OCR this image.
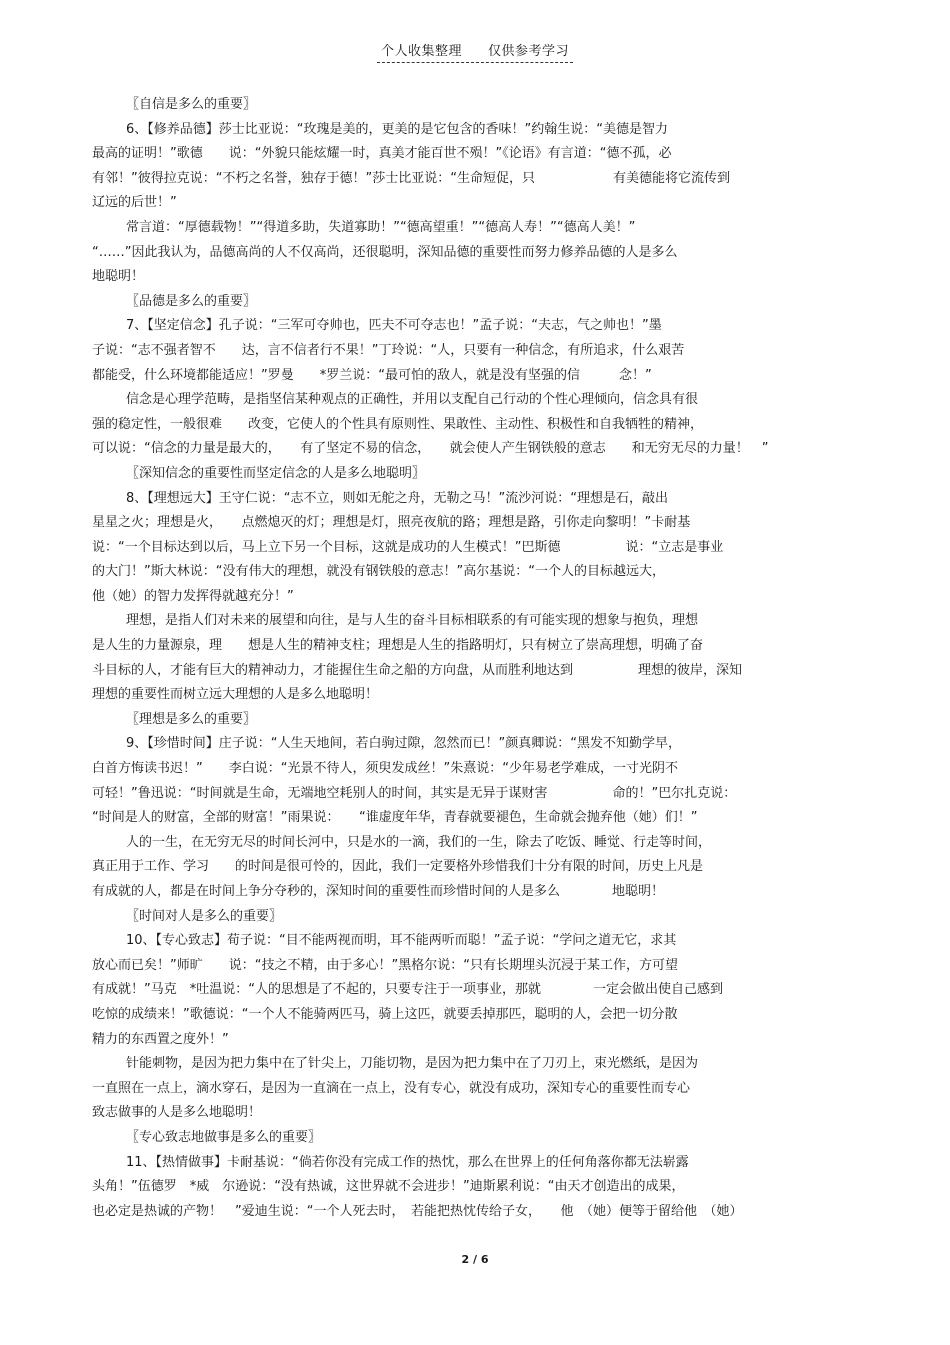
个人收集整理 仅供参考学习
〖自信是多么的重要〗
6、【修养品德】莎士比亚说：“玫瑰是美的，更美的是它包含的香味！”约翰生说：“美德是智力
最高的证明！”歌德　　说：“外貌只能炫耀一时，真美才能百世不殒！”《论语》有言道：“德不孤，必
有邻！”彼得拉克说：“不朽之名誉，独存于德！”莎士比亚说：“生命短促，只　　　　　　有美德能将它流传到
辽远的后世！”
常言道：“厚德载物！”“得道多助，失道寡助！”“德高望重！”“德高人寿！”“德高人美！”
“……”因此我认为，品德高尚的人不仅高尚，还很聪明，深知品德的重要性而努力修养品德的人是多么
地聪明！
〖品德是多么的重要〗
7、【坚定信念】孔子说：“三军可夺帅也，匹夫不可夺志也！”孟子说：“夫志，气之帅也！”墨
子说：“志不强者智不　　达，言不信者行不果！”丁玲说：“人，只要有一种信念，有所追求，什么艰苦
都能受，什么环境都能适应！”罗曼　　*罗兰说：“最可怕的敌人，就是没有坚强的信　　　念！”
信念是心理学范畴，是指坚信某种观点的正确性，并用以支配自己行动的个性心理倾向，信念具有很
强的稳定性，一般很难　　改变，它使人的个性具有原则性、果敢性、主动性、积极性和自我牺牲的精神，
可以说：“信念的力量是最大的，　　有了坚定不易的信念，　　就会使人产生钢铁般的意志　　和无穷无尽的力量！　”
〖深知信念的重要性而坚定信念的人是多么地聪明〗
8、【理想远大】王守仁说：“志不立，则如无舵之舟，无勒之马！”流沙河说：“理想是石，敲出
星星之火；理想是火，　　点燃熄灭的灯；理想是灯，照亮夜航的路；理想是路，引你走向黎明！”卡耐基
说：“一个目标达到以后，马上立下另一个目标，这就是成功的人生模式！”巴斯德　　　　　说：“立志是事业
的大门！”斯大林说：“没有伟大的理想，就没有钢铁般的意志！”高尔基说：“一个人的目标越远大，
他（她）的智力发挥得就越充分！”
理想，是指人们对未来的展望和向往，是与人生的奋斗目标相联系的有可能实现的想象与抱负，理想
是人生的力量源泉，理　　想是人生的精神支柱；理想是人生的指路明灯，只有树立了崇高理想，明确了奋
斗目标的人，才能有巨大的精神动力，才能握住生命之船的方向盘，从而胜利地达到　　　　　理想的彼岸，深知
理想的重要性而树立远大理想的人是多么地聪明！
〖理想是多么的重要〗
9、【珍惜时间】庄子说：“人生天地间，若白驹过隙，忽然而已！”颜真卿说：“黑发不知勤学早，
白首方悔读书迟！”　　李白说：“光景不待人，须臾发成丝！”朱熹说：“少年易老学难成，一寸光阴不
可轻！”鲁迅说：“时间就是生命，无端地空耗别人的时间，其实是无异于谋财害　　　　　命的！”巴尔扎克说：
“时间是人的财富，全部的财富！”雨果说：　　“谁虚度年华，青春就要褪色，生命就会抛弃他（她）们！”
人的一生，在无穷无尽的时间长河中，只是水的一滴，我们的一生，除去了吃饭、睡觉、行走等时间，
真正用于工作、学习　　的时间是很可怜的，因此，我们一定要格外珍惜我们十分有限的时间，历史上凡是
有成就的人，都是在时间上争分夺秒的，深知时间的重要性而珍惜时间的人是多么　　　　地聪明！
〖时间对人是多么的重要〗
10、【专心致志】荀子说：“目不能两视而明，耳不能两听而聪！”孟子说：“学问之道无它，求其
放心而已矣！”师旷　　说：“技之不精，由于多心！”黑格尔说：“只有长期埋头沉浸于某工作，方可望
有成就！”马克　*吐温说：“人的思想是了不起的，只要专注于一项事业，那就　　　　一定会做出使自己感到
吃惊的成绩来！”歌德说：“一个人不能骑两匹马，骑上这匹，就要丢掉那匹，聪明的人，会把一切分散
精力的东西置之度外！”
针能刺物，是因为把力集中在了针尖上，刀能切物，是因为把力集中在了刀刃上，束光燃纸，是因为
一直照在一点上，滴水穿石，是因为一直滴在一点上，没有专心，就没有成功，深知专心的重要性而专心
致志做事的人是多么地聪明！
〖专心致志地做事是多么的重要〗
11、【热情做事】卡耐基说：“倘若你没有完成工作的热忱，那么在世界上的任何角落你都无法崭露
头角！”伍德罗　*威　尔逊说：“没有热诚，这世界就不会进步！”迪斯累利说：“由天才创造出的成果，
也必定是热诚的产物！　”爱迪生说：“一个人死去时，　若能把热忱传给子女，　　他　（她）便等于留给他　（她）
2 / 6
